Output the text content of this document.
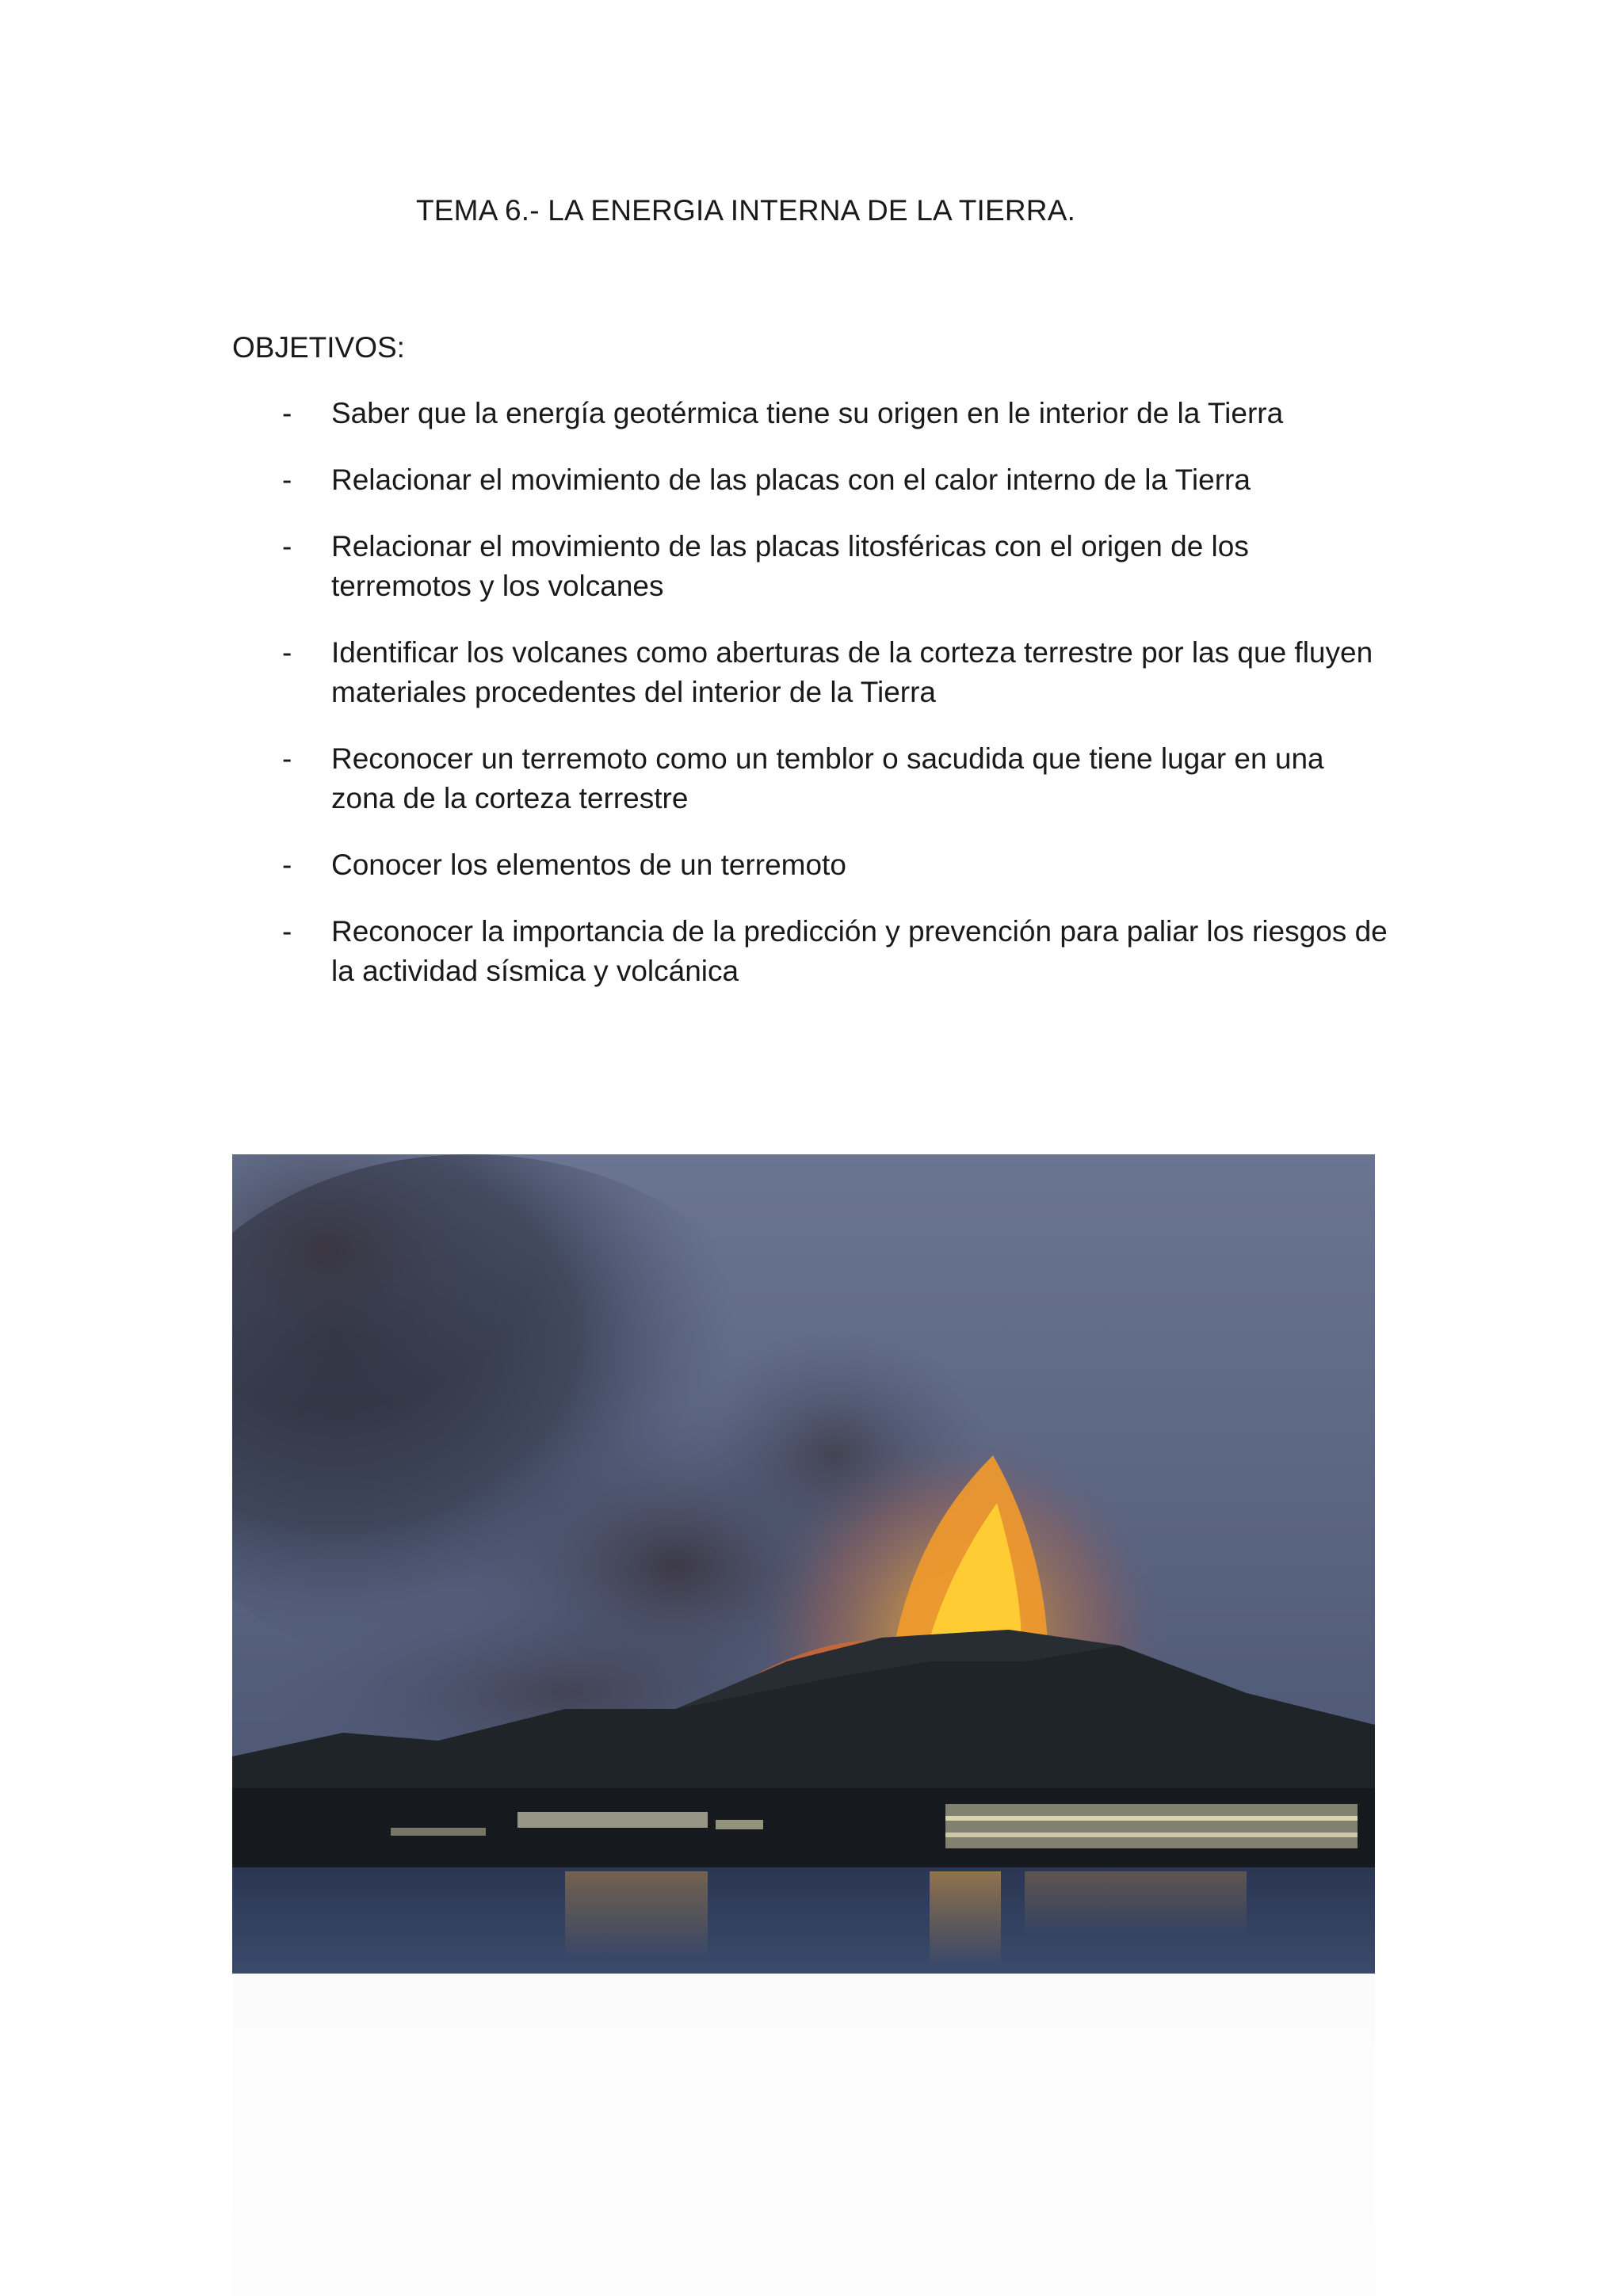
TEMA 6.- LA ENERGIA INTERNA DE LA TIERRA.
OBJETIVOS:
- Saber que la energía geotérmica tiene su origen en le interior de la Tierra
- Relacionar el movimiento de las placas con el calor interno de la Tierra
- Relacionar el movimiento de las placas litosféricas con el origen de los terremotos y los volcanes
- Identificar los volcanes como aberturas de la corteza terrestre por las que fluyen materiales procedentes del interior de la Tierra
- Reconocer un terremoto como un temblor o sacudida que tiene lugar en una zona de la corteza terrestre
- Conocer los elementos de un terremoto
- Reconocer la importancia de la predicción y prevención para paliar los riesgos de la actividad sísmica y volcánica
